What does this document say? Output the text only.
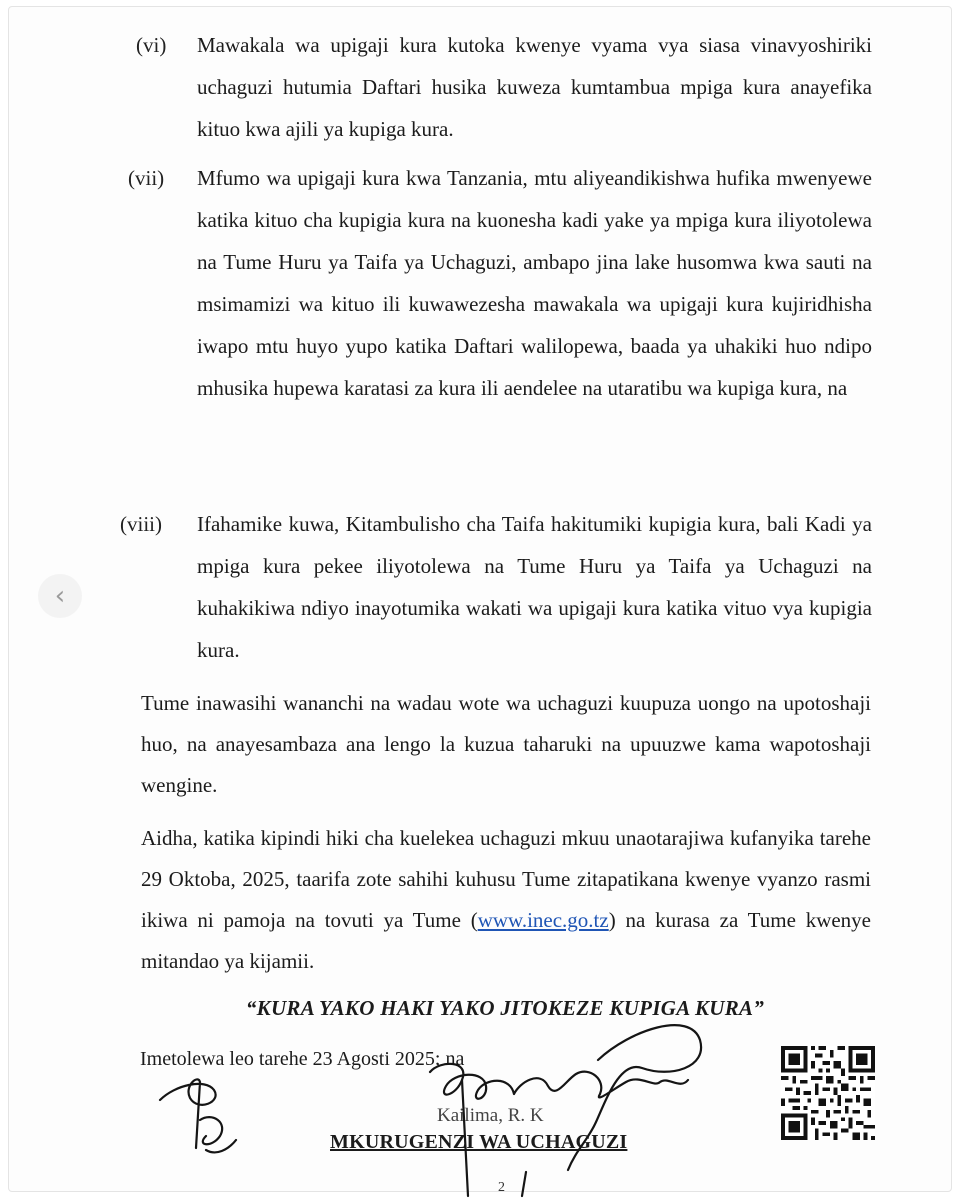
‹
(vi) Mawakala wa upigaji kura kutoka kwenye vyama vya siasa vinavyoshiriki uchaguzi hutumia Daftari husika kuweza kumtambua mpiga kura anayefika kituo kwa ajili ya kupiga kura.
(vii) Mfumo wa upigaji kura kwa Tanzania, mtu aliyeandikishwa hufika mwenyewe katika kituo cha kupigia kura na kuonesha kadi yake ya mpiga kura iliyotolewa na Tume Huru ya Taifa ya Uchaguzi, ambapo jina lake husomwa kwa sauti na msimamizi wa kituo ili kuwawezesha mawakala wa upigaji kura kujiridhisha iwapo mtu huyo yupo katika Daftari walilopewa, baada ya uhakiki huo ndipo mhusika hupewa karatasi za kura ili aendelee na utaratibu wa kupiga kura, na
(viii) Ifahamike kuwa, Kitambulisho cha Taifa hakitumiki kupigia kura, bali Kadi ya mpiga kura pekee iliyotolewa na Tume Huru ya Taifa ya Uchaguzi na kuhakikiwa ndiyo inayotumika wakati wa upigaji kura katika vituo vya kupigia kura.
Tume inawasihi wananchi na wadau wote wa uchaguzi kuupuza uongo na upotoshaji huo, na anayesambaza ana lengo la kuzua taharuki na upuuzwe kama wapotoshaji wengine.
Aidha, katika kipindi hiki cha kuelekea uchaguzi mkuu unaotarajiwa kufanyika tarehe 29 Oktoba, 2025, taarifa zote sahihi kuhusu Tume zitapatikana kwenye vyanzo rasmi ikiwa ni pamoja na tovuti ya Tume (www.inec.go.tz) na kurasa za Tume kwenye mitandao ya kijamii.
“KURA YAKO HAKI YAKO JITOKEZE KUPIGA KURA”
Imetolewa leo tarehe 23 Agosti 2025; na
Kailima, R. K
MKURUGENZI WA UCHAGUZI
2
